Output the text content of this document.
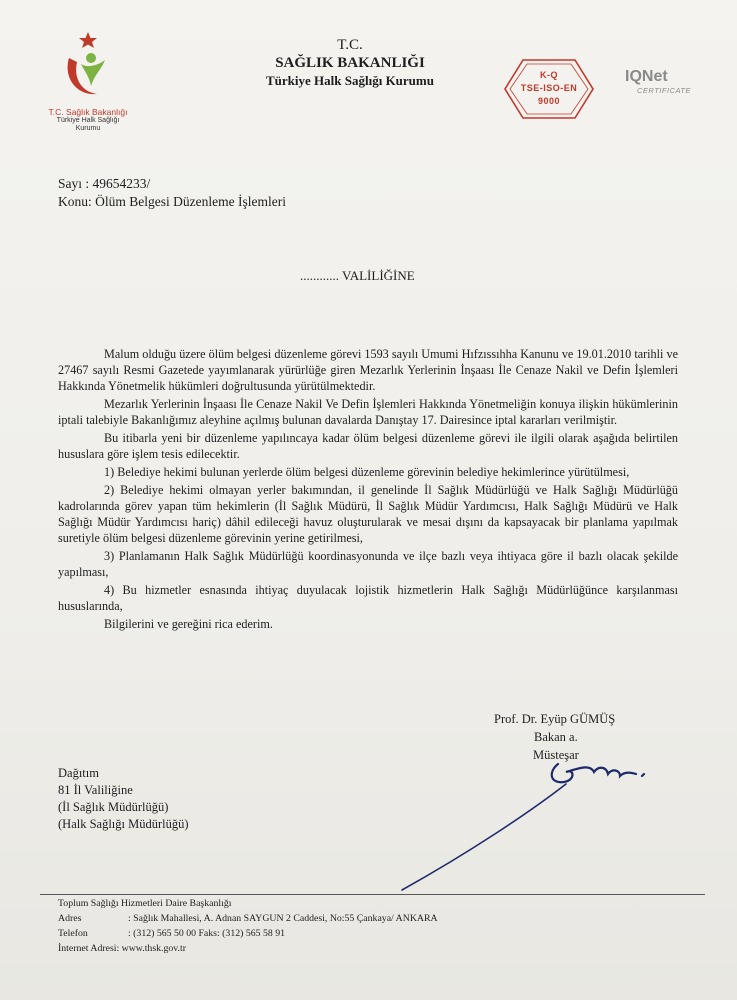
T.C. Sağlık Bakanlığı
Türkiye Halk Sağlığı
Kurumu
T.C.
SAĞLIK BAKANLIĞI
Türkiye Halk Sağlığı Kurumu	K-Q
TSE-ISO-EN
9000
IQNet
CERTIFICATE
Sayı : 49654233/
Konu: Ölüm Belgesi Düzenleme İşlemleri
............ VALİLİĞİNE

Malum olduğu üzere ölüm belgesi düzenleme görevi 1593 sayılı Umumi Hıfzıssıhha Kanunu ve 19.01.2010 tarihli ve 27467 sayılı Resmi Gazetede yayımlanarak yürürlüğe giren Mezarlık Yerlerinin İnşaası İle Cenaze Nakil ve Defin İşlemleri Hakkında Yönetmelik hükümleri doğrultusunda yürütülmektedir.

Mezarlık Yerlerinin İnşaası İle Cenaze Nakil Ve Defin İşlemleri Hakkında Yönetmeliğin konuya ilişkin hükümlerinin iptali talebiyle Bakanlığımız aleyhine açılmış bulunan davalarda Danıştay 17. Dairesince iptal kararları verilmiştir.

Bu itibarla yeni bir düzenleme yapılıncaya kadar ölüm belgesi düzenleme görevi ile ilgili olarak aşağıda belirtilen hususlara göre işlem tesis edilecektir.

1) Belediye hekimi bulunan yerlerde ölüm belgesi düzenleme görevinin belediye hekimlerince yürütülmesi,

2) Belediye hekimi olmayan yerler bakımından, il genelinde İl Sağlık Müdürlüğü ve Halk Sağlığı Müdürlüğü kadrolarında görev yapan tüm hekimlerin (İl Sağlık Müdürü, İl Sağlık Müdür Yardımcısı, Halk Sağlığı Müdürü ve Halk Sağlığı Müdür Yardımcısı hariç) dâhil edileceği havuz oluşturularak ve mesai dışını da kapsayacak bir planlama yapılmak suretiyle ölüm belgesi düzenleme görevinin yerine getirilmesi,

3) Planlamanın Halk Sağlık Müdürlüğü koordinasyonunda ve ilçe bazlı veya ihtiyaca göre il bazlı olacak şekilde yapılması,

4) Bu hizmetler esnasında ihtiyaç duyulacak lojistik hizmetlerin Halk Sağlığı Müdürlüğünce karşılanması hususlarında,

Bilgilerini ve gereğini rica ederim.

Prof. Dr. Eyüp GÜMÜŞ
Bakan a.
Müsteşar
Dağıtım
81 İl Valiliğine
(İl Sağlık Müdürlüğü)
(Halk Sağlığı Müdürlüğü)
Toplum Sağlığı Hizmetleri Daire Başkanlığı
Adres	: Sağlık Mahallesi, A. Adnan SAYGUN 2 Caddesi, No:55 Çankaya/ ANKARA
Telefon	: (312) 565 50 00 Faks: (312) 565 58 91
İnternet Adresi: www.thsk.gov.tr
